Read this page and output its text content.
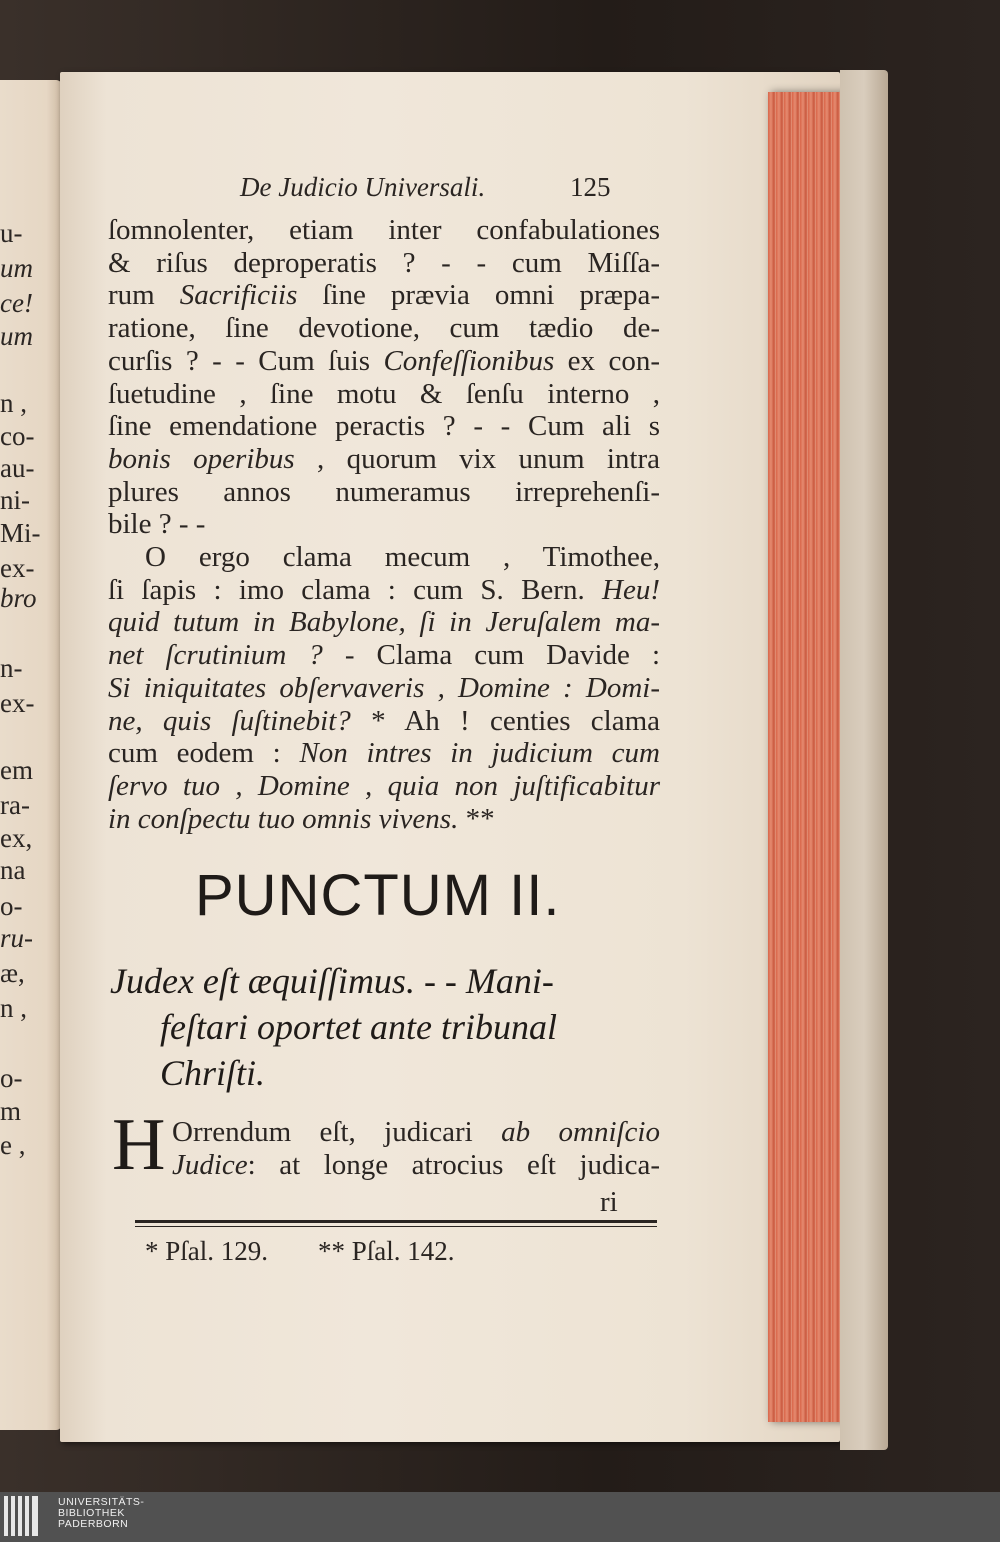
De Judicio Universali.	125
ſomnolenter, etiam inter confabulationes
& riſus deproperatis ? - - cum Miſſa-
rum Sacrificiis ſine prævia omni præpa-
ratione, ſine devotione, cum tædio de-
curſis ? - - Cum ſuis Confeſſionibus ex con-
ſuetudine , ſine motu & ſenſu interno ,
ſine emendatione peractis ? - - Cum ali s
bonis operibus , quorum vix unum intra
plures annos numeramus irreprehenſi-
bile ? - -
O ergo clama mecum , Timothee,
ſi ſapis : imo clama : cum S. Bern. Heu!
quid tutum in Babylone, ſi in Jeruſalem ma-
net ſcrutinium ? - Clama cum Davide :
Si iniquitates obſervaveris , Domine : Domi-
ne, quis ſuſtinebit? * Ah ! centies clama
cum eodem : Non intres in judicium cum
ſervo tuo , Domine , quia non juſtificabitur
in conſpectu tuo omnis vivens. **
PUNCTUM II.
Judex eſt æquiſſimus. - - Mani-
feſtari oportet ante tribunal
Chriſti.
H Orrendum eſt, judicari ab omniſcio
Judice: at longe atrocius eſt judica-
ri
* Pſal. 129. ** Pſal. 142.
UNIVERSITÄTS-
BIBLIOTHEK
PADERBORN
u-
um
ce!
um
n ,
co-
au-
ni-
Mi-
ex-
bro
n-
ex-
em
ra-
ex,
na
o-
ru-
æ,
n ,
o-
m
e ,
